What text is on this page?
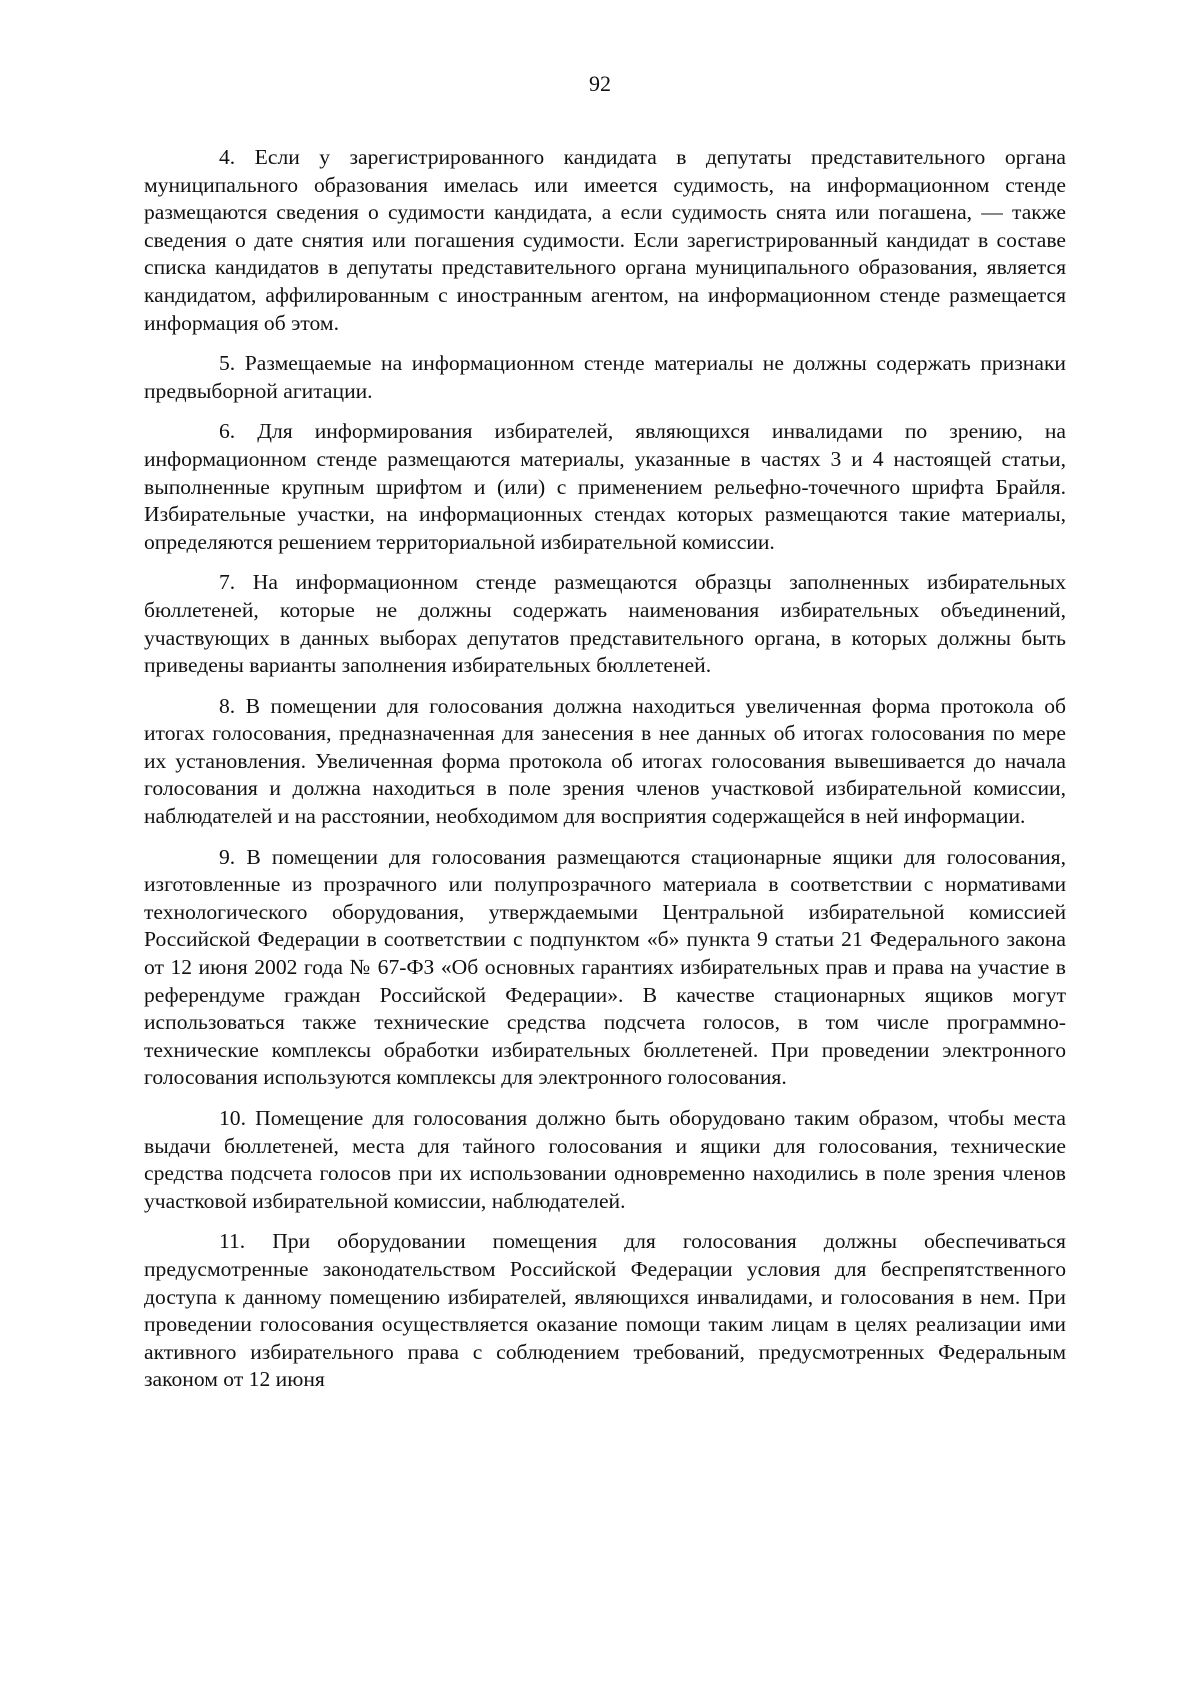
92

4. Если у зарегистрированного кандидата в депутаты представительного органа муниципального образования имелась или имеется судимость, на информационном стенде размещаются сведения о судимости кандидата, а если судимость снята или погашена, — также сведения о дате снятия или погашения судимости. Если зарегистрированный кандидат в составе списка кандидатов в депутаты представительного органа муниципального образования, является кандидатом, аффилированным с иностранным агентом, на информационном стенде размещается информация об этом.

5. Размещаемые на информационном стенде материалы не должны содержать признаки предвыборной агитации.

6. Для информирования избирателей, являющихся инвалидами по зрению, на информационном стенде размещаются материалы, указанные в частях 3 и 4 настоящей статьи, выполненные крупным шрифтом и (или) с применением рельефно-точечного шрифта Брайля. Избирательные участки, на информационных стендах которых размещаются такие материалы, определяются решением территориальной избирательной комиссии.

7. На информационном стенде размещаются образцы заполненных избирательных бюллетеней, которые не должны содержать наименования избирательных объединений, участвующих в данных выборах депутатов представительного органа, в которых должны быть приведены варианты заполнения избирательных бюллетеней.

8. В помещении для голосования должна находиться увеличенная форма протокола об итогах голосования, предназначенная для занесения в нее данных об итогах голосования по мере их установления. Увеличенная форма протокола об итогах голосования вывешивается до начала голосования и должна находиться в поле зрения членов участковой избирательной комиссии, наблюдателей и на расстоянии, необходимом для восприятия содержащейся в ней информации.

9. В помещении для голосования размещаются стационарные ящики для голосования, изготовленные из прозрачного или полупрозрачного материала в соответствии с нормативами технологического оборудования, утверждаемыми Центральной избирательной комиссией Российской Федерации в соответствии с подпунктом «б» пункта 9 статьи 21 Федерального закона от 12 июня 2002 года № 67-ФЗ «Об основных гарантиях избирательных прав и права на участие в референдуме граждан Российской Федерации». В качестве стационарных ящиков могут использоваться также технические средства подсчета голосов, в том числе программно-технические комплексы обработки избирательных бюллетеней. При проведении электронного голосования используются комплексы для электронного голосования.

10. Помещение для голосования должно быть оборудовано таким образом, чтобы места выдачи бюллетеней, места для тайного голосования и ящики для голосования, технические средства подсчета голосов при их использовании одновременно находились в поле зрения членов участковой избирательной комиссии, наблюдателей.

11. При оборудовании помещения для голосования должны обеспечиваться предусмотренные законодательством Российской Федерации условия для беспрепятственного доступа к данному помещению избирателей, являющихся инвалидами, и голосования в нем. При проведении голосования осуществляется оказание помощи таким лицам в целях реализации ими активного избирательного права с соблюдением требований, предусмотренных Федеральным законом от 12 июня
